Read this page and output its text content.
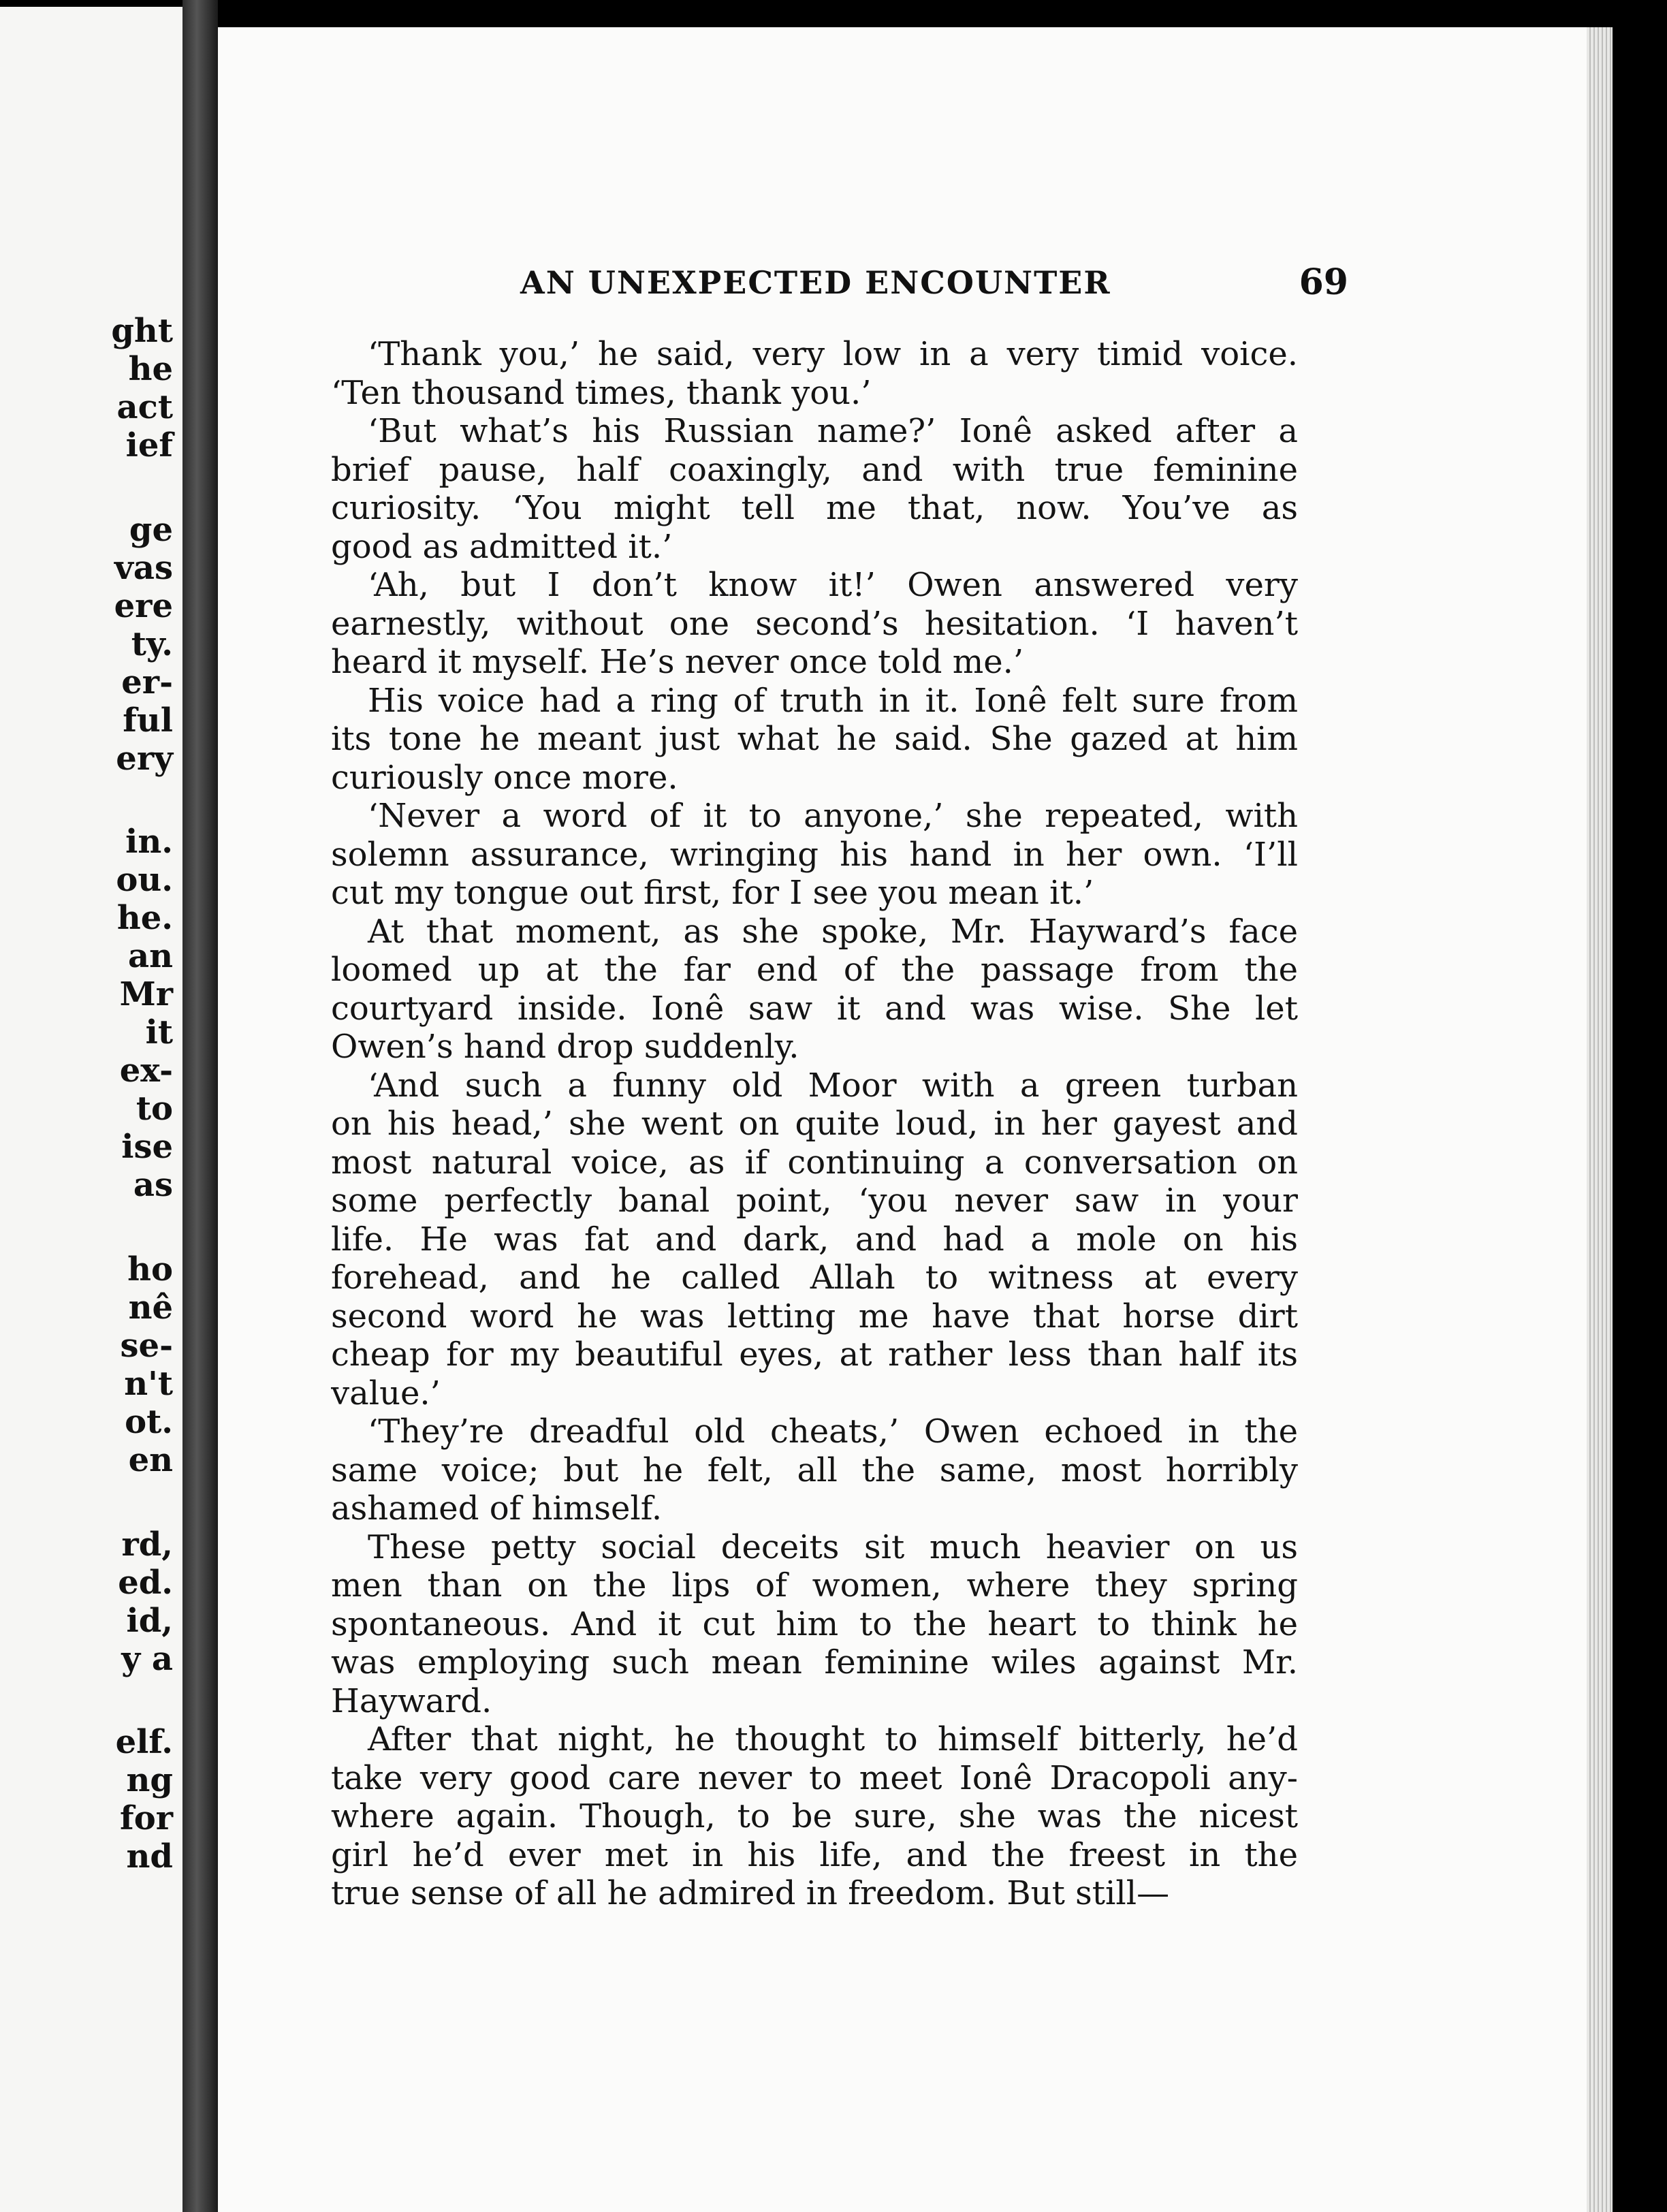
ght
he
act
ief
ge
vas
ere
ty.
er-
ful
ery
in.
ou.
he.
an
Mr
it
ex-
to
ise
as
ho
nê
se-
n't
ot.
en
rd,
ed.
id,
y a
elf.
ng
for
nd
AN UNEXPECTED ENCOUNTER	69
‘Thank you,’ he said, very low in a very timid voice.
‘Ten thousand times, thank you.’
‘But what’s his Russian name?’ Ionê asked after a
brief pause, half coaxingly, and with true feminine
curiosity. ‘You might tell me that, now. You’ve as
good as admitted it.’
‘Ah, but I don’t know it!’ Owen answered very
earnestly, without one second’s hesitation. ‘I haven’t
heard it myself. He’s never once told me.’
His voice had a ring of truth in it. Ionê felt sure from
its tone he meant just what he said. She gazed at him
curiously once more.
‘Never a word of it to anyone,’ she repeated, with
solemn assurance, wringing his hand in her own. ‘I’ll
cut my tongue out first, for I see you mean it.’
At that moment, as she spoke, Mr. Hayward’s face
loomed up at the far end of the passage from the
courtyard inside. Ionê saw it and was wise. She let
Owen’s hand drop suddenly.
‘And such a funny old Moor with a green turban
on his head,’ she went on quite loud, in her gayest and
most natural voice, as if continuing a conversation on
some perfectly banal point, ‘you never saw in your
life. He was fat and dark, and had a mole on his
forehead, and he called Allah to witness at every
second word he was letting me have that horse dirt
cheap for my beautiful eyes, at rather less than half its
value.’
‘They’re dreadful old cheats,’ Owen echoed in the
same voice; but he felt, all the same, most horribly
ashamed of himself.
These petty social deceits sit much heavier on us
men than on the lips of women, where they spring
spontaneous. And it cut him to the heart to think he
was employing such mean feminine wiles against Mr.
Hayward.
After that night, he thought to himself bitterly, he’d
take very good care never to meet Ionê Dracopoli any-
where again. Though, to be sure, she was the nicest
girl he’d ever met in his life, and the freest in the
true sense of all he admired in freedom. But still—
